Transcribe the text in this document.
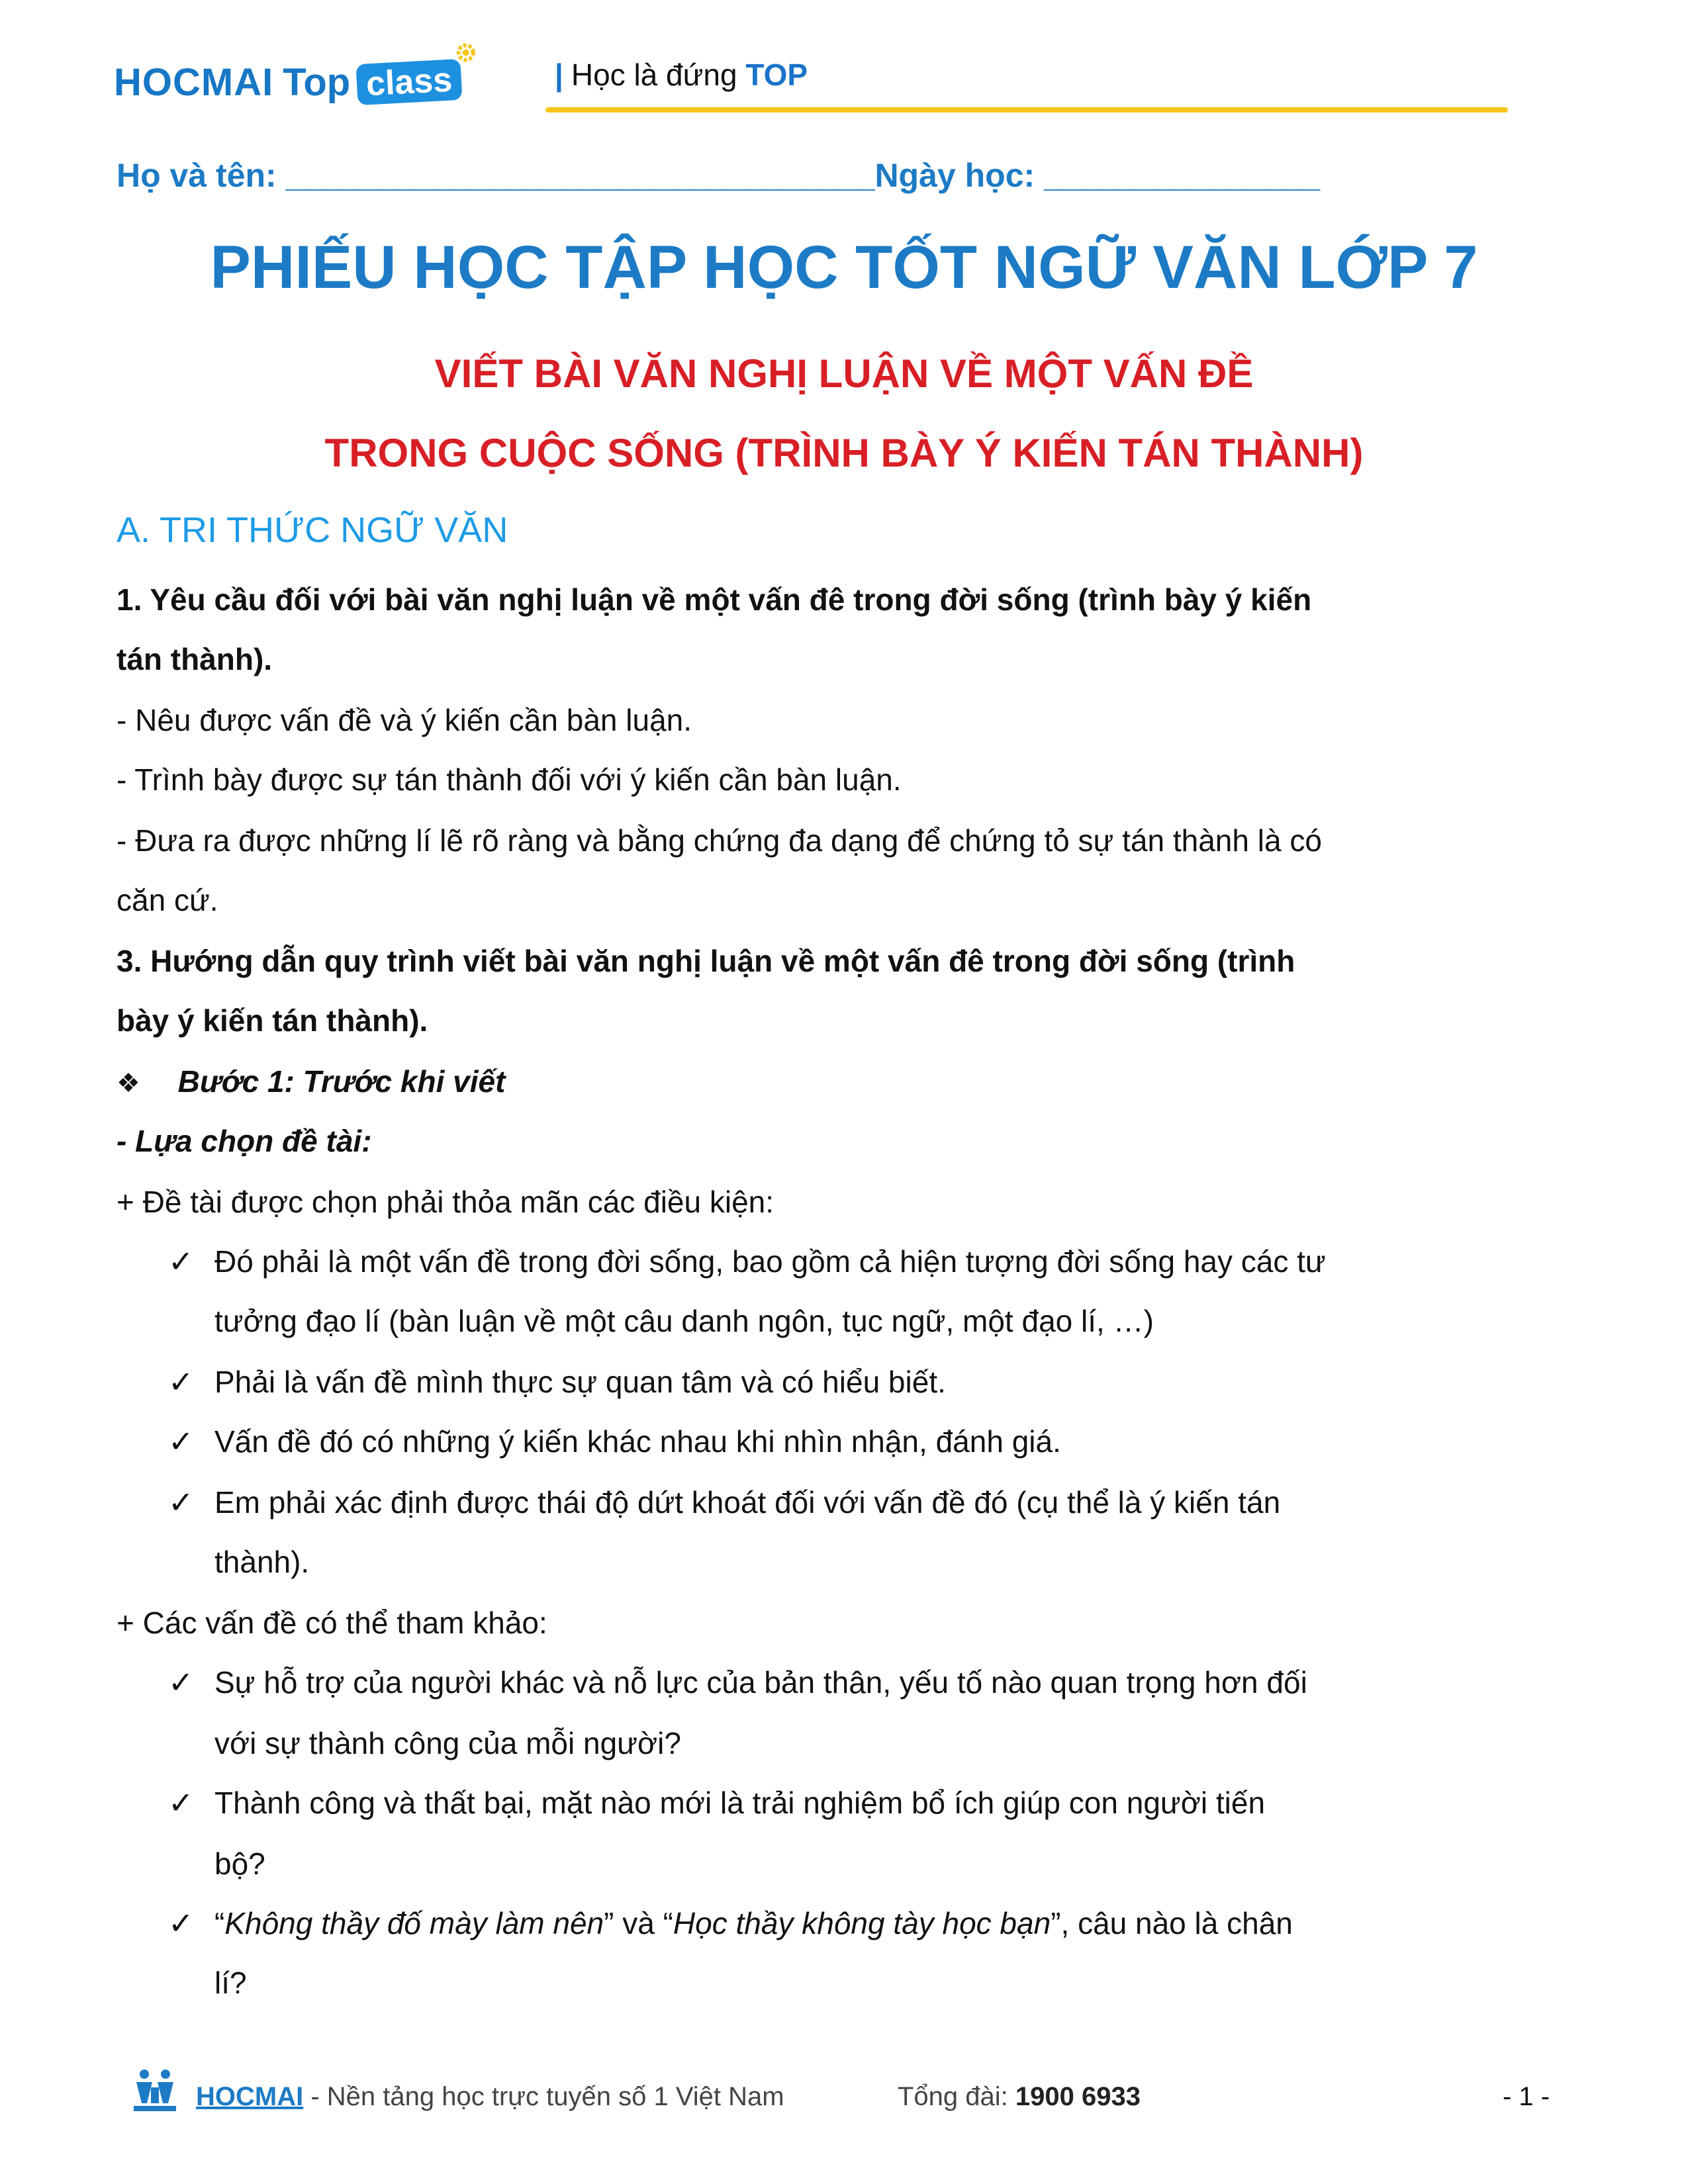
HOCMAI Top class	| Học là đứng TOP
Họ và tên: ________________________________Ngày học: _______________
PHIẾU HỌC TẬP HỌC TỐT NGỮ VĂN LỚP 7
VIẾT BÀI VĂN NGHỊ LUẬN VỀ MỘT VẤN ĐỀ
TRONG CUỘC SỐNG (TRÌNH BÀY Ý KIẾN TÁN THÀNH)
A. TRI THỨC NGỮ VĂN
1. Yêu cầu đối với bài văn nghị luận về một vấn đê trong đời sống (trình bày ý kiến
tán thành).
- Nêu được vấn đề và ý kiến cần bàn luận.
- Trình bày được sự tán thành đối với ý kiến cần bàn luận.
- Đưa ra được những lí lẽ rõ ràng và bằng chứng đa dạng để chứng tỏ sự tán thành là có
căn cứ.
3. Hướng dẫn quy trình viết bài văn nghị luận về một vấn đê trong đời sống (trình
bày ý kiến tán thành).
❖ Bước 1: Trước khi viết
- Lựa chọn đề tài:
+ Đề tài được chọn phải thỏa mãn các điều kiện:
✓ Đó phải là một vấn đề trong đời sống, bao gồm cả hiện tượng đời sống hay các tư
tưởng đạo lí (bàn luận về một câu danh ngôn, tục ngữ, một đạo lí, …)
✓ Phải là vấn đề mình thực sự quan tâm và có hiểu biết.
✓ Vấn đề đó có những ý kiến khác nhau khi nhìn nhận, đánh giá.
✓ Em phải xác định được thái độ dứt khoát đối với vấn đề đó (cụ thể là ý kiến tán
thành).
+ Các vấn đề có thể tham khảo:
✓ Sự hỗ trợ của người khác và nỗ lực của bản thân, yếu tố nào quan trọng hơn đối
với sự thành công của mỗi người?
✓ Thành công và thất bại, mặt nào mới là trải nghiệm bổ ích giúp con người tiến
bộ?
✓ “Không thầy đố mày làm nên” và “Học thầy không tày học bạn”, câu nào là chân
lí?
HOCMAI - Nền tảng học trực tuyến số 1 Việt Nam	Tổng đài: 1900 6933	- 1 -
